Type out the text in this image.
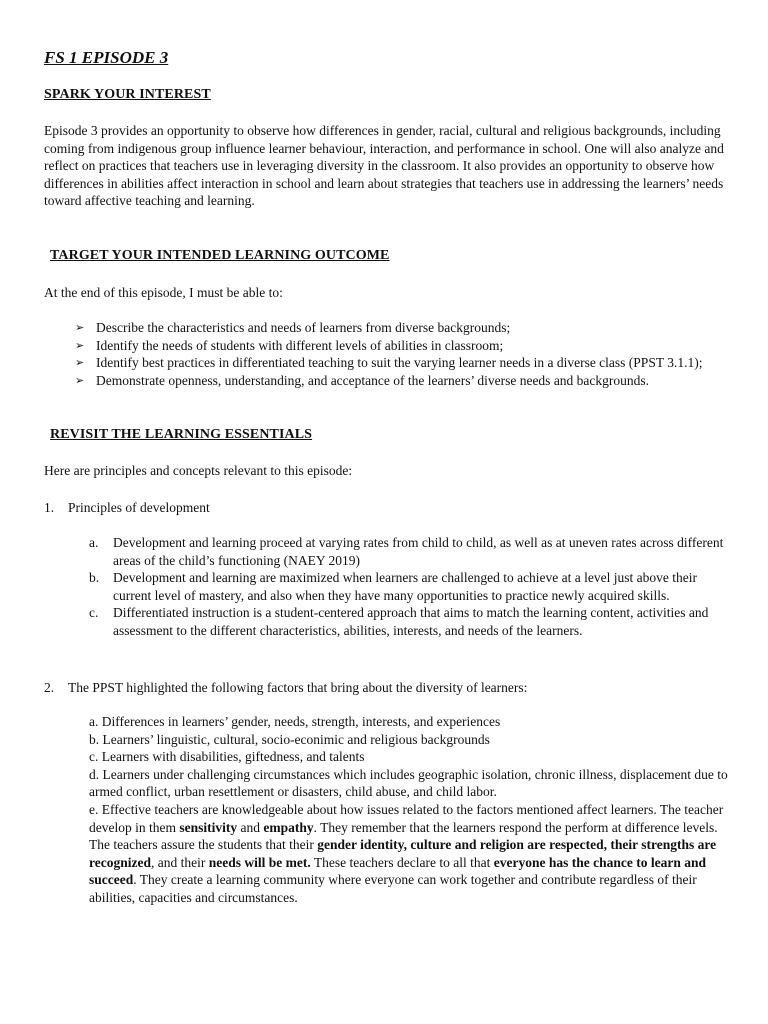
FS 1 EPISODE 3
SPARK YOUR INTEREST

Episode 3 provides an opportunity to observe how differences in gender, racial, cultural and religious backgrounds, including coming from indigenous group influence learner behaviour, interaction, and performance in school. One will also analyze and reflect on practices that teachers use in leveraging diversity in the classroom. It also provides an opportunity to observe how differences in abilities affect interaction in school and learn about strategies that teachers use in addressing the learners’ needs toward affective teaching and learning.

TARGET YOUR INTENDED LEARNING OUTCOME

At the end of this episode, I must be able to:

➢ Describe the characteristics and needs of learners from diverse backgrounds;
➢ Identify the needs of students with different levels of abilities in classroom;
➢ Identify best practices in differentiated teaching to suit the varying learner needs in a diverse class (PPST 3.1.1);
➢ Demonstrate openness, understanding, and acceptance of the learners’ diverse needs and backgrounds.
REVISIT THE LEARNING ESSENTIALS

Here are principles and concepts relevant to this episode:

1. Principles of development
a. Development and learning proceed at varying rates from child to child, as well as at uneven rates across different areas of the child’s functioning (NAEY 2019)
b. Development and learning are maximized when learners are challenged to achieve at a level just above their current level of mastery, and also when they have many opportunities to practice newly acquired skills.
c. Differentiated instruction is a student-centered approach that aims to match the learning content, activities and assessment to the different characteristics, abilities, interests, and needs of the learners.
2. The PPST highlighted the following factors that bring about the diversity of learners:
a. Differences in learners’ gender, needs, strength, interests, and experiences
b. Learners’ linguistic, cultural, socio-econimic and religious backgrounds
c. Learners with disabilities, giftedness, and talents
d. Learners under challenging circumstances which includes geographic isolation, chronic illness, displacement due to armed conflict, urban resettlement or disasters, child abuse, and child labor.
e. Effective teachers are knowledgeable about how issues related to the factors mentioned affect learners. The teacher develop in them sensitivity and empathy. They remember that the learners respond the perform at difference levels. The teachers assure the students that their gender identity, culture and religion are respected, their strengths are recognized, and their needs will be met. These teachers declare to all that everyone has the chance to learn and succeed. They create a learning community where everyone can work together and contribute regardless of their abilities, capacities and circumstances.
